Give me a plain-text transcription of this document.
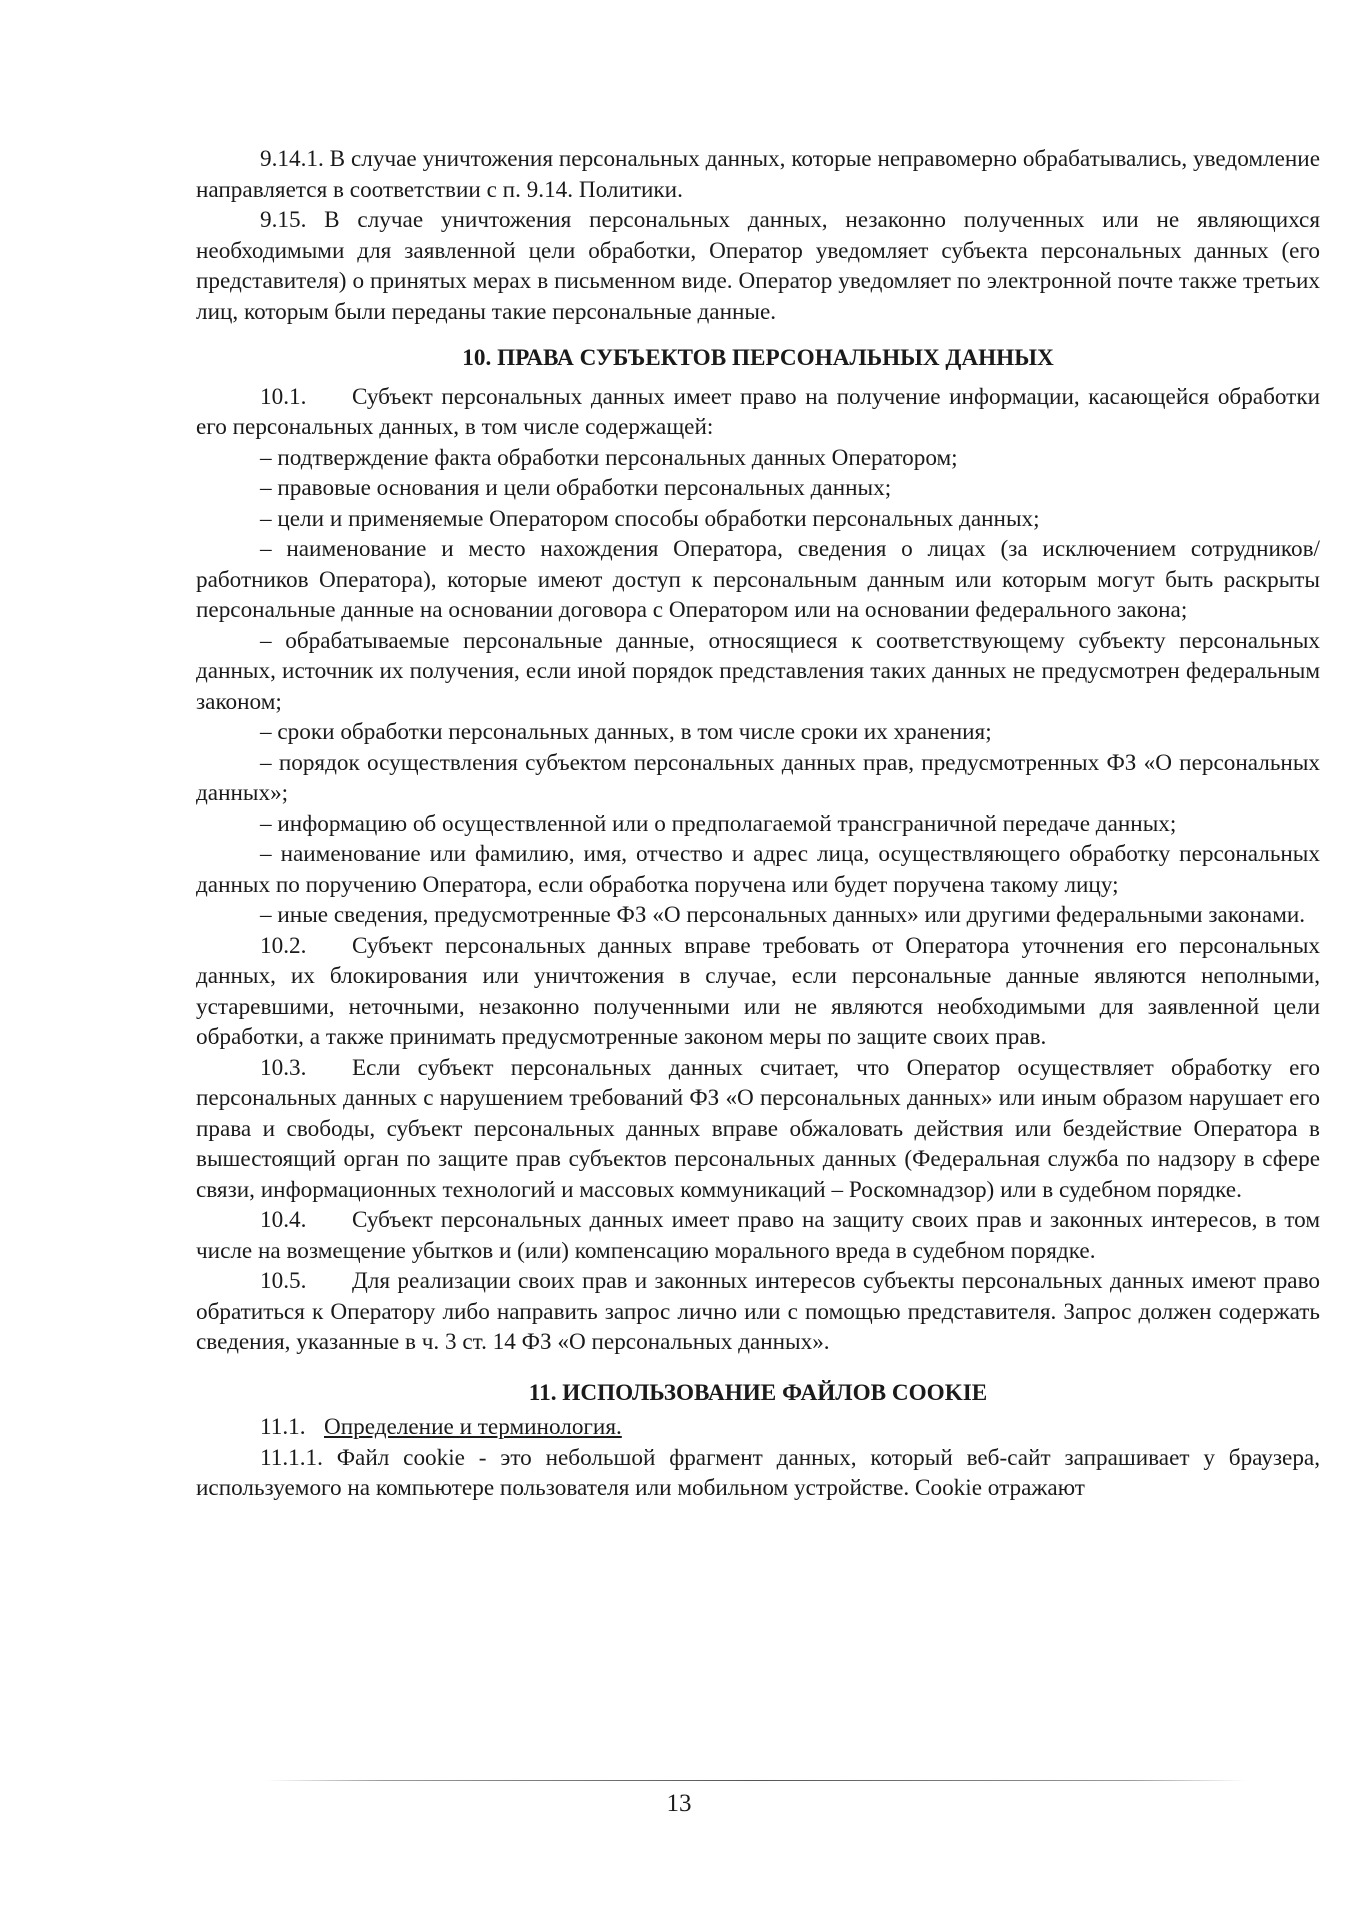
9.14.1. В случае уничтожения персональных данных, которые неправомерно обрабатывались, уведомление направляется в соответствии с п. 9.14. Политики.

9.15. В случае уничтожения персональных данных, незаконно полученных или не являющихся необходимыми для заявленной цели обработки, Оператор уведомляет субъекта персональных данных (его представителя) о принятых мерах в письменном виде. Оператор уведомляет по электронной почте также третьих лиц, которым были переданы такие персональные данные.

10. ПРАВА СУБЪЕКТОВ ПЕРСОНАЛЬНЫХ ДАННЫХ

10.1. Субъект персональных данных имеет право на получение информации, касающейся обработки его персональных данных, в том числе содержащей:

– подтверждение факта обработки персональных данных Оператором;

– правовые основания и цели обработки персональных данных;

– цели и применяемые Оператором способы обработки персональных данных;

– наименование и место нахождения Оператора, сведения о лицах (за исключением сотрудников/работников Оператора), которые имеют доступ к персональным данным или которым могут быть раскрыты персональные данные на основании договора с Оператором или на основании федерального закона;

– обрабатываемые персональные данные, относящиеся к соответствующему субъекту персональных данных, источник их получения, если иной порядок представления таких данных не предусмотрен федеральным законом;

– сроки обработки персональных данных, в том числе сроки их хранения;

– порядок осуществления субъектом персональных данных прав, предусмотренных ФЗ «О персональных данных»;

– информацию об осуществленной или о предполагаемой трансграничной передаче данных;

– наименование или фамилию, имя, отчество и адрес лица, осуществляющего обработку персональных данных по поручению Оператора, если обработка поручена или будет поручена такому лицу;

– иные сведения, предусмотренные ФЗ «О персональных данных» или другими федеральными законами.

10.2. Субъект персональных данных вправе требовать от Оператора уточнения его персональных данных, их блокирования или уничтожения в случае, если персональные данные являются неполными, устаревшими, неточными, незаконно полученными или не являются необходимыми для заявленной цели обработки, а также принимать предусмотренные законом меры по защите своих прав.

10.3. Если субъект персональных данных считает, что Оператор осуществляет обработку его персональных данных с нарушением требований ФЗ «О персональных данных» или иным образом нарушает его права и свободы, субъект персональных данных вправе обжаловать действия или бездействие Оператора в вышестоящий орган по защите прав субъектов персональных данных (Федеральная служба по надзору в сфере связи, информационных технологий и массовых коммуникаций – Роскомнадзор) или в судебном порядке.

10.4. Субъект персональных данных имеет право на защиту своих прав и законных интересов, в том числе на возмещение убытков и (или) компенсацию морального вреда в судебном порядке.

10.5. Для реализации своих прав и законных интересов субъекты персональных данных имеют право обратиться к Оператору либо направить запрос лично или с помощью представителя. Запрос должен содержать сведения, указанные в ч. 3 ст. 14 ФЗ «О персональных данных».

11. ИСПОЛЬЗОВАНИЕ ФАЙЛОВ COOKIE

11.1. Определение и терминология.

11.1.1. Файл cookie - это небольшой фрагмент данных, который веб-сайт запрашивает у браузера, используемого на компьютере пользователя или мобильном устройстве. Cookie отражают

13
